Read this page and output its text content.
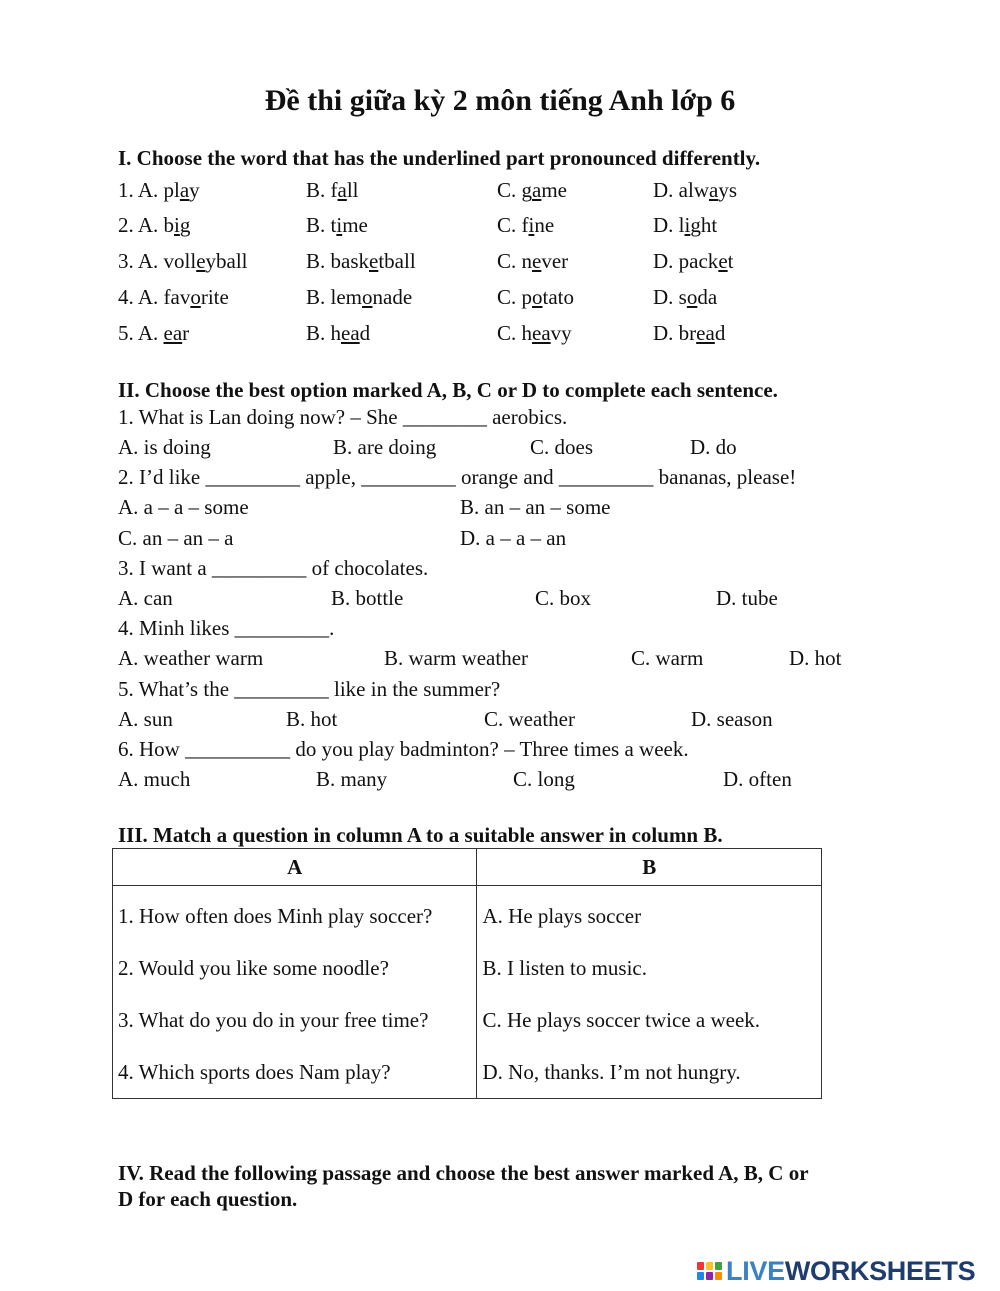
Đề thi giữa kỳ 2 môn tiếng Anh lớp 6
I. Choose the word that has the underlined part pronounced differently.
1. A. play	B. fall	C. game	D. always
2. A. big	B. time	C. fine	D. light
3. A. volleyball	B. basketball	C. never	D. packet
4. A. favorite	B. lemonade	C. potato	D. soda
5. A. ear	B. head	C. heavy	D. bread
II. Choose the best option marked A, B, C or D to complete each sentence.
1. What is Lan doing now? – She ________ aerobics.
A. is doing	B. are doing	C. does	D. do
2. I’d like _________ apple, _________ orange and _________ bananas, please!
A. a – a – some	B. an – an – some
C. an – an – a	D. a – a – an
3. I want a _________ of chocolates.
A. can	B. bottle	C. box	D. tube
4. Minh likes _________.
A. weather warm	B. warm weather	C. warm	D. hot
5. What’s the _________ like in the summer?
A. sun	B. hot	C. weather	D. season
6. How __________ do you play badminton? – Three times a week.
A. much	B. many	C. long	D. often
III. Match a question in column A to a suitable answer in column B.
A	B
1. How often does Minh play soccer?	A. He plays soccer
2. Would you like some noodle?	B. I listen to music.
3. What do you do in your free time?	C. He plays soccer twice a week.
4. Which sports does Nam play?	D. No, thanks. I’m not hungry.
IV. Read the following passage and choose the best answer marked A, B, C or
D for each question.
LIVEWORKSHEETS
